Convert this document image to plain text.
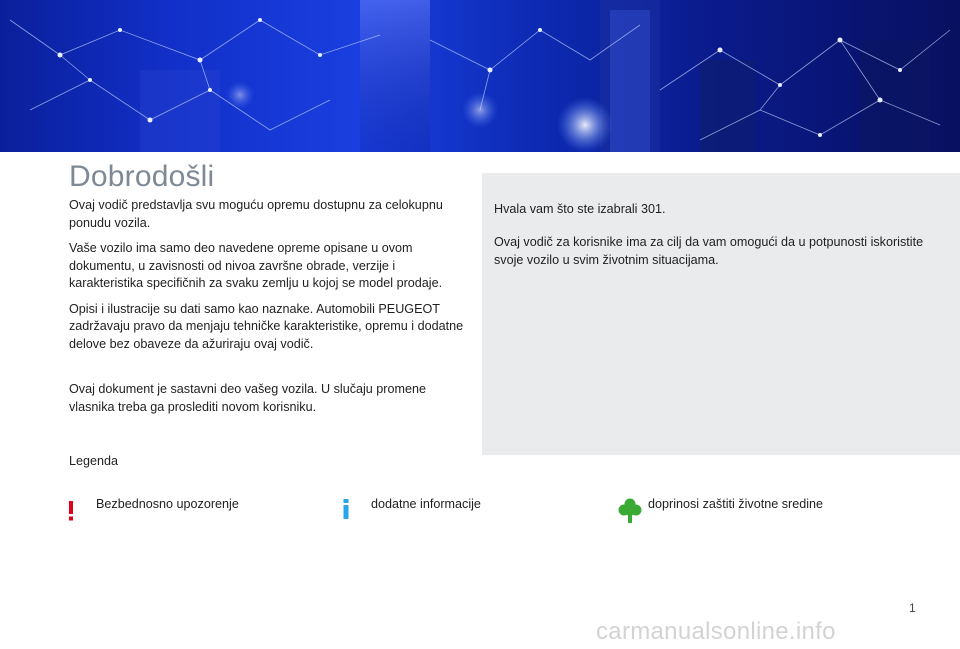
Dobrodošli

Ovaj vodič predstavlja svu moguću opremu dostupnu za celokupnu ponudu vozila.

Vaše vozilo ima samo deo navedene opreme opisane u ovom dokumentu, u zavisnosti od nivoa završne obrade, verzije i karakteristika specifičnih za svaku zemlju u kojoj se model prodaje.

Opisi i ilustracije su dati samo kao naznake. Automobili PEUGEOT zadržavaju pravo da menjaju tehničke karakteristike, opremu i dodatne delove bez obaveze da ažuriraju ovaj vodič.

Ovaj dokument je sastavni deo vašeg vozila. U slučaju promene vlasnika treba ga proslediti novom korisniku.

Hvala vam što ste izabrali 301.

Ovaj vodič za korisnike ima za cilj da vam omogući da u potpunosti iskoristite svoje vozilo u svim životnim situacijama.

Legenda
Bezbednosno upozorenje	dodatne informacije	doprinosi zaštiti životne sredine
1
carmanualsonline.info
